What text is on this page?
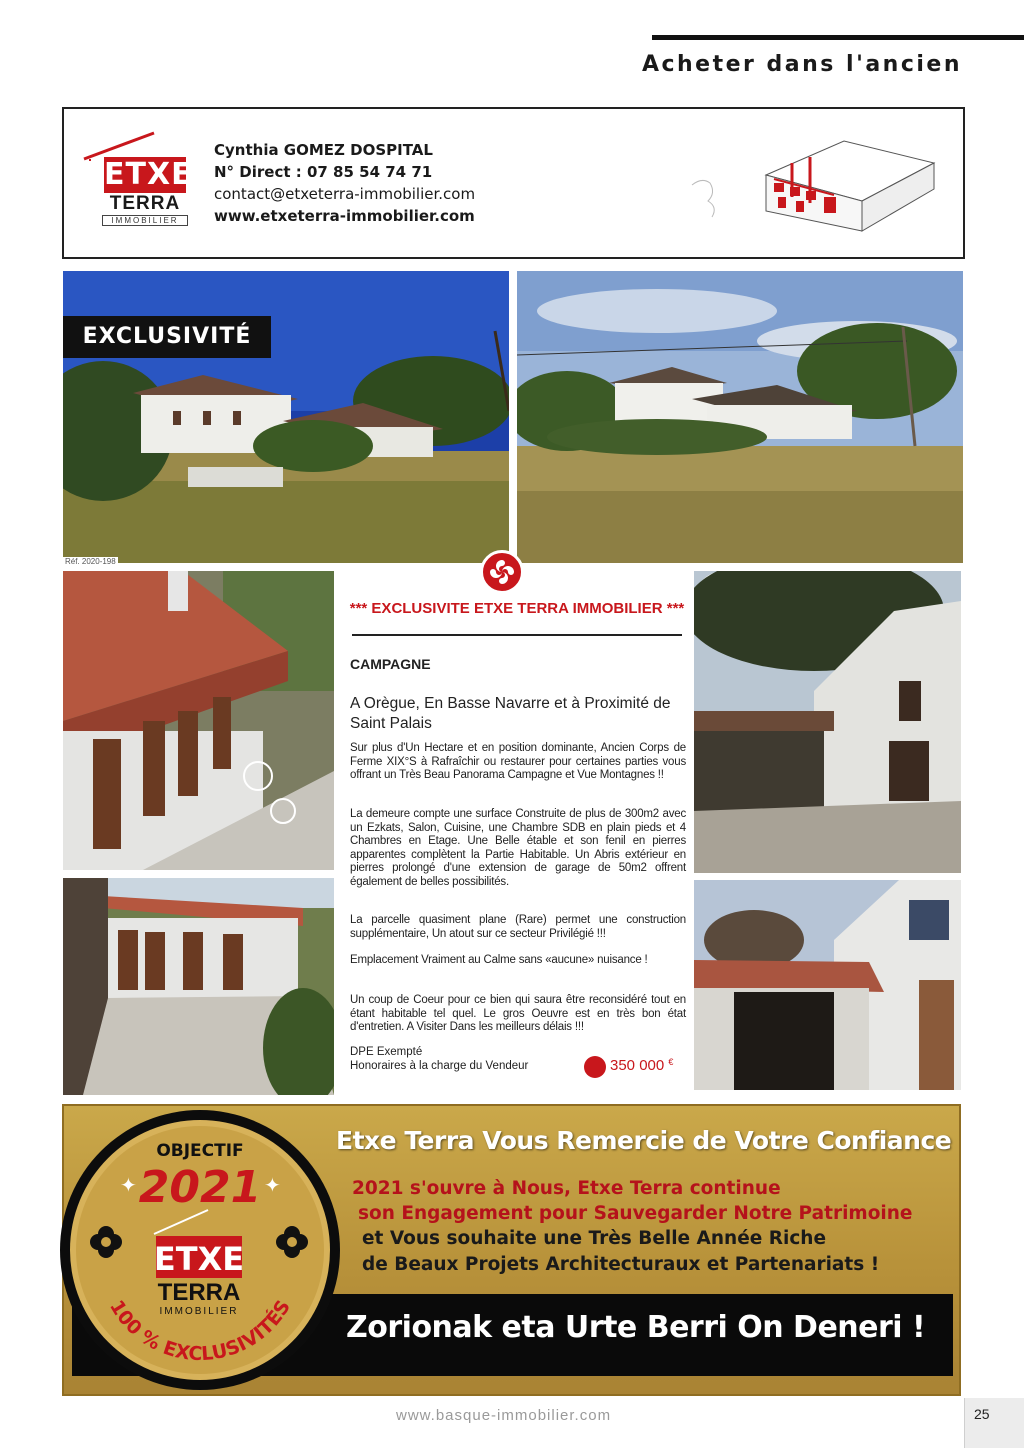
Acheter dans l'ancien
ETXE
TERRA
IMMOBILIER
Cynthia GOMEZ DOSPITAL
N° Direct : 07 85 54 74 71
contact@etxeterra-immobilier.com
www.etxeterra-immobilier.com
EXCLUSIVITÉ
Réf. 2020-198
*** EXCLUSIVITE ETXE TERRA IMMOBILIER ***
CAMPAGNE
A Orègue, En Basse Navarre et à Proximité de Saint Palais
Sur plus d'Un Hectare et en position dominante, Ancien Corps de Ferme XIX°S à Rafraîchir ou restaurer pour certaines parties vous offrant un Très Beau Panorama Campagne et Vue Montagnes !!
La demeure compte une surface Construite de plus de 300m2 avec un Ezkats, Salon, Cuisine, une Chambre SDB en plain pieds et 4 Chambres en Etage. Une Belle étable et son fenil en pierres apparentes complètent la Partie Habitable. Un Abris extérieur en pierres prolongé d'une extension de garage de 50m2 offrent également de belles possibilités.
La parcelle quasiment plane (Rare) permet une construction supplémentaire, Un atout sur ce secteur Privilégié !!!
Emplacement Vraiment au Calme sans «aucune» nuisance !
Un coup de Coeur pour ce bien qui saura être reconsidéré tout en étant habitable tel quel. Le gros Oeuvre est en très bon état d'entretien. A Visiter Dans les meilleurs délais !!!
DPE Exempté
Honoraires à la charge du Vendeur	350 000 €
Etxe Terra Vous Remercie de Votre Confiance
2021 s'ouvre à Nous, Etxe Terra continue
son Engagement pour Sauvegarder Notre Patrimoine
et Vous souhaite une Très Belle Année Riche
de Beaux Projets Architecturaux et Partenariats !
Zorionak eta Urte Berri On Deneri !
OBJECTIF
2021
✦	✦
ETXE
TERRA
IMMOBILIER
100 % EXCLUSIVITÉS
www.basque-immobilier.com	25
